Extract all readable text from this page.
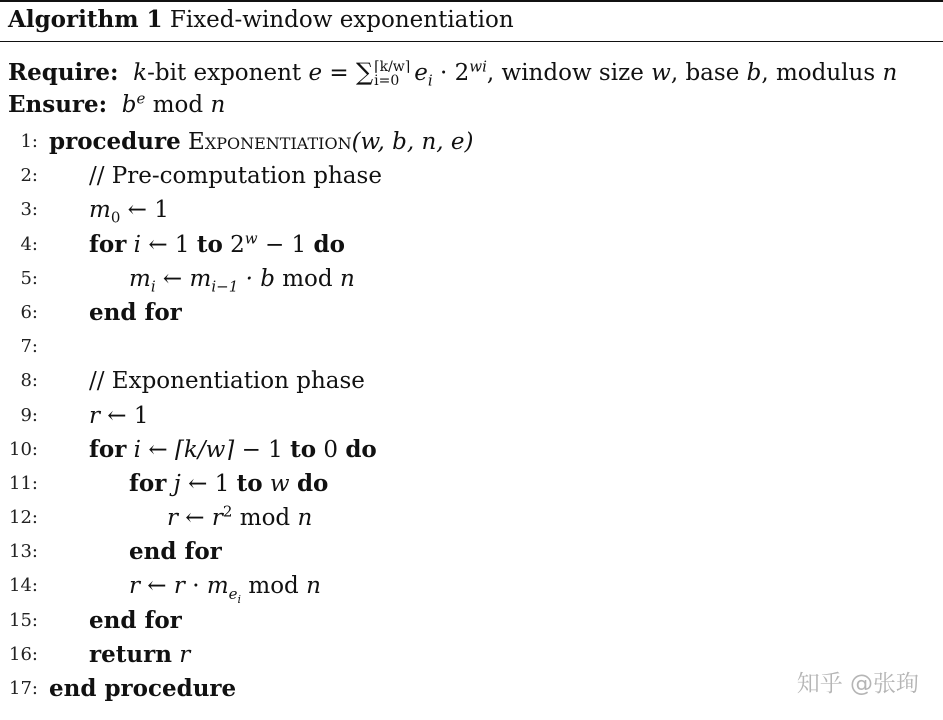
Algorithm 1 Fixed-window exponentiation
Require: k-bit exponent e = ∑ ⌈k/w⌉
i=0 $e_i \cdot 2^{wi}$, window size w, base b, modulus n
Ensure: $b^e$ mod n
1: procedure Exponentiation(w, b, n, e)
2: // Pre-computation phase
3: $m_0$ ← 1
4: for i ← 1 to $2^w - 1$ do
5:	$m_i$ ← $m_{i-1} \cdot b$ mod n
6: end for
7:
8: // Exponentiation phase
9: r ← 1
10: for i ← ⌈k/w⌉ − 1 to 0 do
11:	for j ← 1 to w do
12:	r ← $r^2$ mod n
13:	end for
14:	r ← $r \cdot m_{e_i}$ mod n
15: end for
16: return r
17: end procedure	知乎 @张珣
